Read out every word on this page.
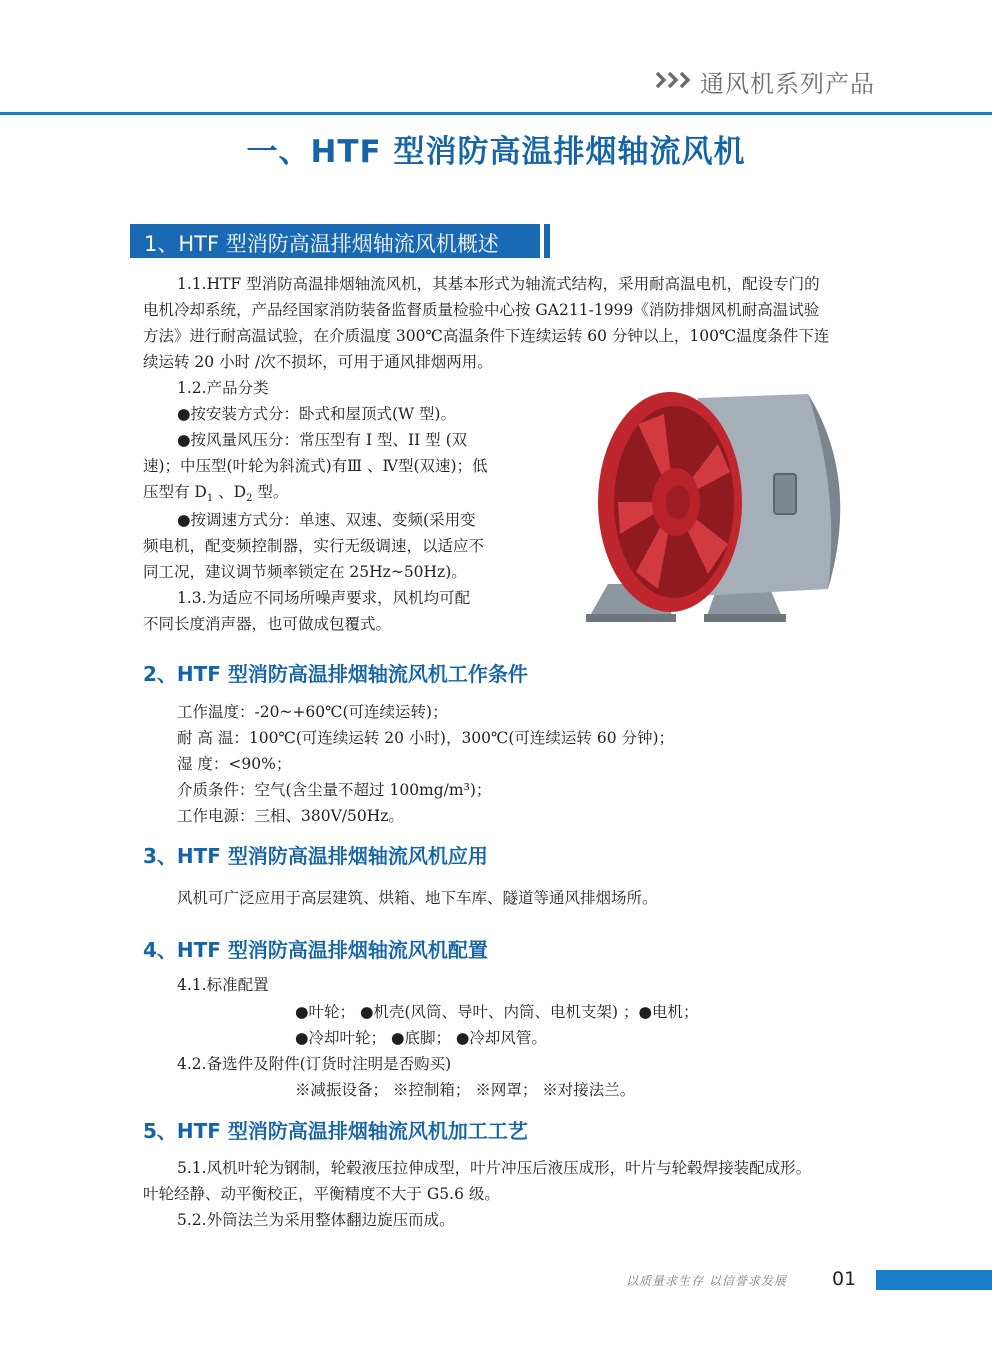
通风机系列产品
一、HTF 型消防高温排烟轴流风机
1、HTF 型消防高温排烟轴流风机概述
1.1.HTF 型消防高温排烟轴流风机，其基本形式为轴流式结构，采用耐高温电机，配设专门的
电机冷却系统，产品经国家消防装备监督质量检验中心按 GA211-1999《消防排烟风机耐高温试验
方法》进行耐高温试验，在介质温度 300℃高温条件下连续运转 60 分钟以上，100℃温度条件下连
续运转 20 小时 /次不损坏，可用于通风排烟两用。
1.2.产品分类
●按安装方式分：卧式和屋顶式(W 型)。
●按风量风压分：常压型有 I 型、II 型 (双
速)；中压型(叶轮为斜流式)有Ⅲ 、Ⅳ型(双速)；低
压型有 $D_1$ 、$D_2$ 型。
●按调速方式分：单速、双速、变频(采用变
频电机，配变频控制器，实行无级调速，以适应不
同工况，建议调节频率锁定在 25Hz~50Hz)。
1.3.为适应不同场所噪声要求，风机均可配
不同长度消声器，也可做成包覆式。
2、HTF 型消防高温排烟轴流风机工作条件
工作温度：-20~+60℃(可连续运转)；
耐 高 温：100℃(可连续运转 20 小时)，300℃(可连续运转 60 分钟)；
湿 度：<90%；
介质条件：空气(含尘量不超过 100mg/m³)；
工作电源：三相、380V/50Hz。
3、HTF 型消防高温排烟轴流风机应用
风机可广泛应用于高层建筑、烘箱、地下车库、隧道等通风排烟场所。
4、HTF 型消防高温排烟轴流风机配置
4.1.标准配置
●叶轮； ●机壳(风筒、导叶、内筒、电机支架) ；●电机；
●冷却叶轮； ●底脚； ●冷却风管。
4.2.备选件及附件(订货时注明是否购买)
※减振设备； ※控制箱； ※网罩； ※对接法兰。
5、HTF 型消防高温排烟轴流风机加工工艺
5.1.风机叶轮为钢制，轮毂液压拉伸成型，叶片冲压后液压成形，叶片与轮毂焊接装配成形。
叶轮经静、动平衡校正，平衡精度不大于 G5.6 级。
5.2.外筒法兰为采用整体翻边旋压而成。
以质量求生存 以信誉求发展 01
